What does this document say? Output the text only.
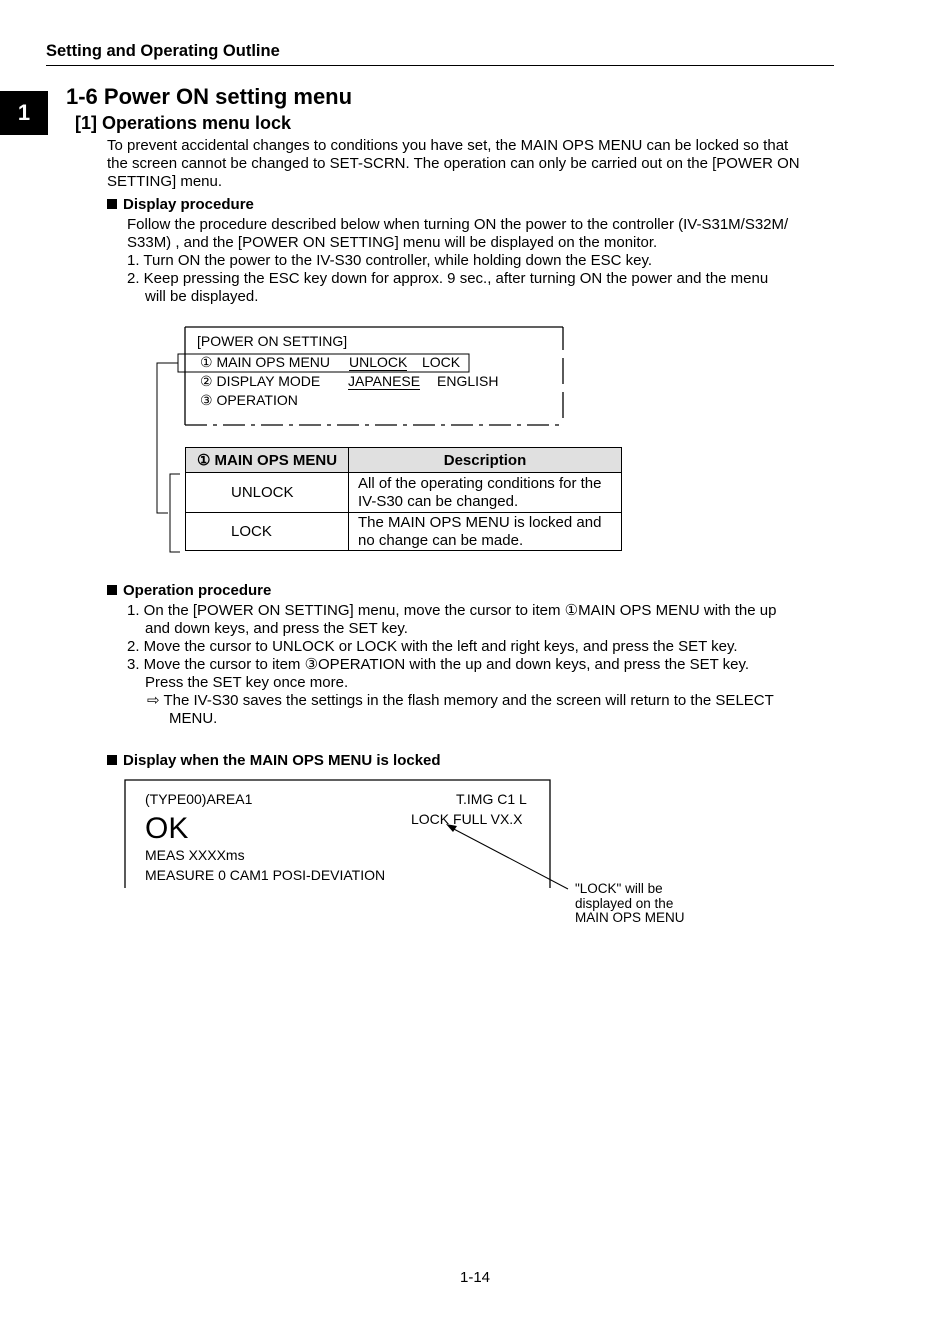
Setting and Operating Outline
1
1-6 Power ON setting menu
[1] Operations menu lock
To prevent accidental changes to conditions you have set, the MAIN OPS MENU can be locked so that
the screen cannot be changed to SET-SCRN. The operation can only be carried out on the [POWER ON
SETTING] menu.
Display procedure
Follow the procedure described below when turning ON the power to the controller (IV-S31M/S32M/
S33M) , and the [POWER ON SETTING] menu will be displayed on the monitor.
1. Turn ON the power to the IV-S30 controller, while holding down the ESC key.
2. Keep pressing the ESC key down for approx. 9 sec., after turning ON the power and the menu
will be displayed.
[POWER ON SETTING]
① MAIN OPS MENU UNLOCK LOCK
② DISPLAY MODE JAPANESE ENGLISH
③ OPERATION
① MAIN OPS MENU	Description
UNLOCK	All of the operating conditions for the
IV-S30 can be changed.

LOCK	The MAIN OPS MENU is locked and
no change can be made.
Operation procedure
1. On the [POWER ON SETTING] menu, move the cursor to item ①MAIN OPS MENU with the up
and down keys, and press the SET key.
2. Move the cursor to UNLOCK or LOCK with the left and right keys, and press the SET key.
3. Move the cursor to item ③OPERATION with the up and down keys, and press the SET key.
Press the SET key once more.
⇨ The IV-S30 saves the settings in the flash memory and the screen will return to the SELECT
MENU.
Display when the MAIN OPS MENU is locked
(TYPE00)AREA1	T.IMG C1 L
OK	LOCK FULL VX.X
MEAS XXXXms
MEASURE 0 CAM1 POSI-DEVIATION
"LOCK" will be
displayed on the
MAIN OPS MENU
1-14
